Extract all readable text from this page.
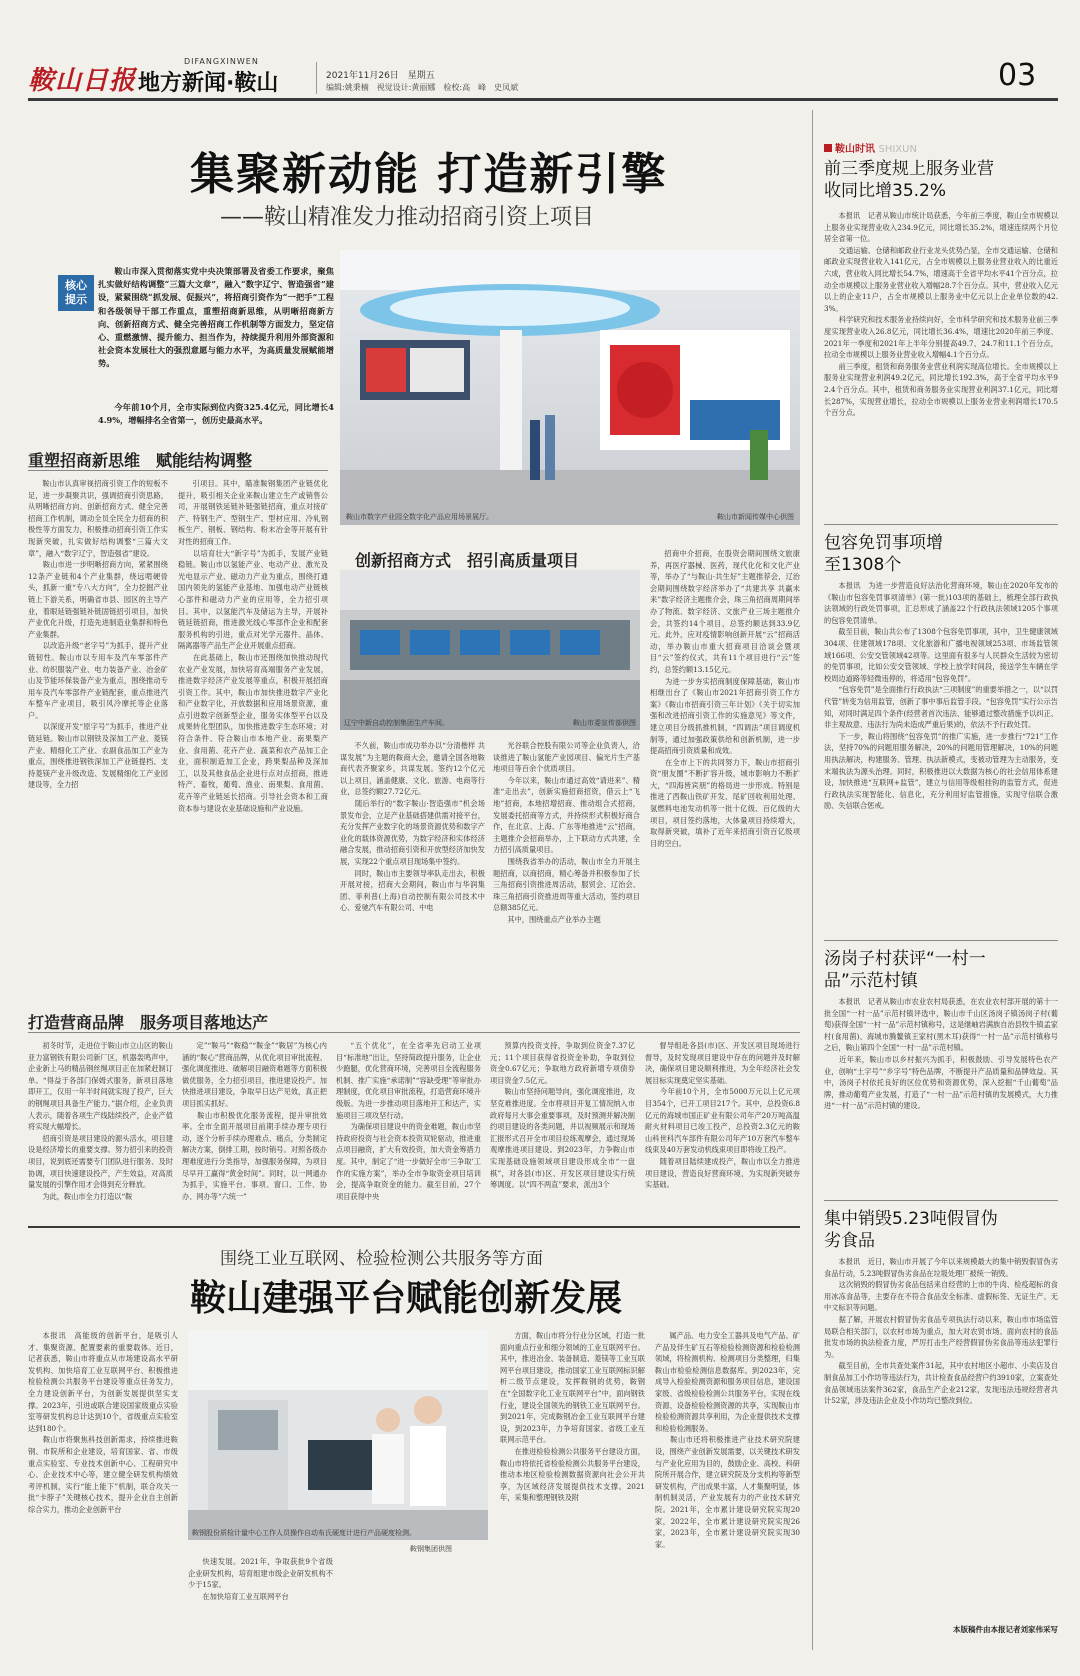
鞍山日报
DIFANGXINWEN
地方新闻·鞍山	2021年11月26日　星期五
编辑:姚秉楠　视觉设计:黄丽娜　检校:高　峰　史凤斌	03
集聚新动能 打造新引擎
——鞍山精准发力推动招商引资上项目
核心提示
鞍山市深入贯彻落实党中央决策部署及省委工作要求，聚焦扎实做好结构调整“三篇大文章”，融入“数字辽宁、智造强省”建设，紧紧围绕“抓发展、促振兴”，将招商引资作为“一把手”工程和各级领导干部工作重点，重塑招商新思维，从明晰招商新方向、创新招商方式、健全完善招商工作机制等方面发力，坚定信心、重燃激情、提升能力、担当作为，持续提升利用外部资源和社会资本发展壮大的强烈意愿与能力水平，为高质量发展赋能增势。
今年前10个月，全市实际到位内资325.4亿元，同比增长44.9%，增幅排名全省第一，创历史最高水平。
鞍山市数字产业园全数字化产品应用场景展厅。	鞍山市新闻传媒中心供图
重塑招商新思维　赋能结构调整
鞍山市认真审视招商引资工作的短板不足，进一步凝聚共识，强调招商引资思路，从明晰招商方向、创新招商方式、健全完善招商工作机制，调动全员全民全力招商的积极性等方面发力，积极推动招商引资工作实现新突破，扎实做好结构调整“三篇大文章”，融入“数字辽宁，智造强省”建设。
　　鞍山市进一步明晰招商方向，紧紧围绕12条产业链和4个产业集群，绕远啃硬骨头，抓新一重“专八大方向”，全力挖掘产业链上下游关系，明确省市县、园区的主导产业，着眼延链强链补链固链招引项目，加快产业优化升级，打造先进制造业集群和特色产业集群。
　　以改造升级“老字号”为抓手，提升产业链韧性。鞍山市以专用车及汽车零部件产业、纺织服装产业、电力装备产业、冶金矿山及节能环保装备产业为重点，围绕推动专用车及汽车零部件产业链配套，重点推进汽车整车产业项目，吸引风冷摩托等企业落户。
　　以深度开发“原字号”为抓手，推进产业链延链。鞍山市以钢铁及深加工产业、菱镁产业、精细化工产业、农副食品加工产业为重点，围绕推进钢铁深加工产业链提档、支持菱镁产业升级改造、发展精细化工产业园建设等，全力招
引项目。其中，瞄准鞍钢集团产业链优化提升，吸引相关企业来鞍山建立生产或销售公司，开展钢铁延链补链强链招商，重点对接矿产、特钢生产、型钢生产、型材应用、冷轧钢板生产、钢板、钢结构、粉末冶金等开展有针对性的招商工作。
　　以培育壮大“新字号”为抓手，发展产业链稳链。鞍山市以氢能产业、电动产业、激光及光电显示产业、磁动力产业为重点，围绕打通国内领先的氢能产业基地、加强电动产业链核心部件和磁动力产业的应用等，全力招引项目。其中，以氢能汽车及储运为主导，开展补链延链招商，推进激光线心零部件企业和配套服务机构的引进，重点对光学元器件、晶体、隔离器等产品生产企业开展重点招商。
　　在此基础上，鞍山市还围绕加快推动现代农业产业发展，加快培育高端服务产业发展，推进数字经济产业发展等重点，积极开展招商引资工作。其中，鞍山市加快推进数字产业化和产业数字化，开放数据和应用场景资源，重点引进数字创新型企业，服务实体型平台以及成果转化型团队，加快推进数字生态环境；对符合条件、符合鞍山市本地产业、南果梨产业、食用菌、花卉产业、蔬菜和农产品加工企业，面积制造加工企业，跨果梨品种及深加工，以及其他食品企业进行点对点招商，推进特产、畜牧，葡萄、渔业、南果梨、食用菌、花卉等产业链延长招商。引导社会资本和工商资本参与建设农业基础设施和产业设施。
创新招商方式　招引高质量项目
辽宁中新自动控制集团生产车间。	鞍山市委宣传部供图
不久前，鞍山市成功举办以“分清楷样 共谋发展”为主题的鞍商大会，邀请全国各地鞍商代表齐聚家乡，共谋发展。签约12个亿元以上项目，涵盖健康、文化、旅游、电商等行业，总签约额27.72亿元。
　　随后举行的“数字鞍山·智造强市”机会场景发布会，立足产业基础搭建供需对接平台，充分发挥产业数字化的场景资源优势和数字产业化的载体资源优势，为数字经济和实体经济融合发展，推动招商引资和开放型经济加快发展，实现22个重点项目现场集中签约。
　　同时，鞍山市主要领导率队走出去，积极开展对接，招商大会期间，鞍山市与华润集团、菲利普(上海)自动控制有限公司技术中心、爱驰汽车有限公司、中电
光谷联合控股有限公司等企业负责人，洽谈推进了鞍山氢能产业园项目、偏光片生产基地项目等百余个优质项目。
　　今年以来，鞍山市通过高效“请进来”、精准“走出去”，创新实施招商招资，借云上“飞地”招商，本地招增招商、推动组合式招商，发展委托招商等方式，并持续形式积极好商合作，在北京、上海、广东等地推进“云”招商，主题推介会招商举办，上下联动方式共建，全力招引高质量项目。
　　围绕我省举办的活动，鞍山市全力开展主题招商，以商招商，精心筹备并积极参加了长三角招商引资推进周活动，服贸会、辽治会、珠三角招商引资推进周等重大活动，签约项目总额385亿元。
　　其中，围绕重点产业举办主题
招商中介招商，在股资会期间围绕文旅康养，再医疗器械、医药，现代化化和文化产业等，举办了“与鞍山·共生好”主题推荐会，辽治会期间围绕数字经济举办了“共建共享 共赢未来”数字经济主题推介会，珠三角招商周期间举办了物流、数字经济、文旅产业三场主题推介会，共签约14个项目，总签约额达到33.9亿元。此外，应对疫情影响创新开展“云”招商活动，举办鞍山市重大招商项目洽谈会暨项目“云”签约仪式，共有11个项目进行“云”签约，总签约额13.15亿元。
　　为进一步夯实招商制度保障基础，鞍山市相继出台了《鞍山市2021年招商引资工作方案》《鞍山市招商引资三年计划》《关于切实加强和改进招商引资工作的实施意见》等文件，建立项目分级抓推机制，“四调法”项目调度机制等，通过加强政策供给和创新机制，进一步提高招商引资质量和成效。
　　在全市上下的共同努力下，鞍山市招商引资“朋友圈”不断扩容升级，城市影响力不断扩大，“四海皆宾朋”的格局进一步形成。特别是推进了西鞍山铁矿开发、尾矿回收利用处理、氢燃料电池发动机等一批十亿级、百亿级的大项目，项目签约落地，大体量项目持续增大，取得新突破，填补了近年来招商引资百亿级项目的空白。
打造营商品牌　服务项目落地达产
初冬时节，走进位于鞍山市立山区的鞍山亚力富钢铁有限公司新厂区，机器轰鸣声中，企业新上马的精品钢丝绳项目正在加紧赶制订单。“得益于各部门保姆式服务，新项目落地即开工，仅用一年半时间就实现了投产，巨大的钢绳项目具备生产能力。”据介绍，企业负责人表示，随着各项生产线陆续投产，企业产值将实现大幅增长。
　　招商引资是项目建设的源头活水，项目建设是经济增长的重要支撑。努力招引来的投资项目，说到底还需要专门团队进行服务、及时协调，项目快速建设投产，产生效益，对高质量发展的引擎作用才会得到充分释放。
　　为此，鞍山市全力打造以“鞍
定”“鞍马”“鞍稳”“鞍金”“鞍居”为核心内涵的“鞍心”营商品牌，从优化项目审批流程、强化调度推进、破解项目融资难题等方面积极做优服务，全力招引项目，推进建设投产。加快推进项目建设，争取早日达产见效，真正把项目抓实抓好。
　　鞍山市积极优化服务流程，提升审批效率。全市全面开展项目前期手续办理专项行动，逐个分析手续办理难点、痛点，分类制定解决方案，倒排工期，按时销号。对照各级办理难度进行分类指导，加强服务保障，为项目尽早开工赢得“黄金时间”。同时，以一网通办为抓手，实施平台、事项、窗口、工作、协办、网办等“六统一”
“五个优化”，在全省率先启动工业项目“标准地”出让，坚持简政提升服务，让企业少跑腿，优化营商环境，完善项目全流程服务机制、推广实施“承诺制”“容缺受理”等审批办理制度，优化项目审批流程，打造营商环境升级版。为进一步推动项目落地开工和达产，实施项目三项攻坚行动。
　　为确保项目建设中的资金难题，鞍山市坚持政府投资与社会资本投资双轮驱动，推进重点项目融资，扩大有效投资，加大资金筹措力度。其中，制定了“进一步做好全市‘三争取’工作的实施方案”，举办全市争取资金项目培训会，提高争取资金的能力。截至目前，27个项目获得中央
预算内投资支持，争取到位资金7.37亿元；11个项目获得省投资金补助，争取到位资金0.67亿元；争取地方政府新增专项债券项目资金7.5亿元。
　　鞍山市坚持问题导向，强化调度推进，攻坚克难推进度。全市将项目开复工情况纳入市政府每月大事会重要事项，及时预测并解决制约项目建设的各类问题，并以视频展示和现场汇报形式召开全市项目拉练观摩会，通过现场观摩推进项目建设。到2023年，力争鞍山市实现基础设施领域项目建设形成全市“一盘棋”，对各县(市)区、开发区项目建设实行统筹调度。以“四不两直”要求，派出3个
督导组赴各县(市)区、开发区项目现场进行督导，及时发现项目建设中存在的问题并及时解决，确保项目建设顺利推进，为全年经济社会发展目标实现奠定坚实基础。
　　今年前10个月，全市5000万元以上亿元项目354个，已开工项目217个。其中，总投资6.8亿元的海城市国正矿业有限公司年产20万吨高温耐火材料项目已竣工投产，总投资2.3亿元的鞍山科世科汽车部件有限公司年产10万套汽车整车线束及40万套发动机线束项目即将竣工投产。
　　随着项目陆续建成投产，鞍山市以全力推进项目建设，营造良好营商环境，为实现新突破夯实基础。
围绕工业互联网、检验检测公共服务等方面
鞍山建强平台赋能创新发展
鞍钢股份质检计量中心工作人员操作自动布氏硬度计进行产品硬度检测。
鞍钢集团供图
本报讯　高能级的创新平台，是吸引人才、集聚资源、配置要素的重要载体。近日，记者获悉，鞍山市将重点从市场建设高水平研发机构、加快培育工业互联网平台、积极推进检验检测公共服务平台建设等重点任务发力，全力建设创新平台，为创新发展提供坚实支撑。2023年，引进或联合建设国家级重点实验室等研发机构总计达到10个，省级重点实验室达到180个。
　　鞍山市将聚焦科技创新需求，持续推进鞍钢、市院所和企业建设，培育国家、省、市级重点实验室、专业技术创新中心、工程研究中心、企业技术中心等，建立健全研发机构绩效考评机制，实行“能上能下”机制，联合攻关一批“卡脖子”关键核心技术，提升企业自主创新综合实力，推动企业创新平台
快速发展。2021年，争取获批9个省级企业研发机构，培育组建市级企业研发机构不少于15家。
　　在加快培育工业互联网平台
方面，鞍山市将分行业分区域，打造一批面向重点行业和细分领域的工业互联网平台。其中，推进冶金、装备制造、菱镁等工业互联网平台项目建设，推动国家工业互联网标识解析二级节点建设，发挥鞍钢的优势，鞍钢在“全国数字化工业互联网平台”中，面向钢铁行业，建设全国领先的钢铁工业互联网平台。到2021年，完成鞍钢冶金工业互联网平台建设，到2023年，力争培育国家、省级工业互联网示范平台。
　　在推进检验检测公共服务平台建设方面，鞍山市将依托省检验检测公共服务平台建设，推动本地区检验检测数据资源向社会公开共享，为区域经济发展提供技术支撑。2021年，采集和整理钢铁及附
属产品、电力安全工器具及电气产品、矿产品及伴生矿互石等检验检测资源和检验检测领域，将检测机构、检测项目分类整理，归集鞍山市检验检测信息数据库。到2023年，完成导入检验检测资源和服务项目信息，建设国家级、省级检验检测公共服务平台，实现在线资源、设备检验检测资源的共享，实现鞍山市检验检测资源共享利用，为企业提供技术支撑和检验检测服务。
　　鞍山市还将积极推进产业技术研究院建设，围绕产业创新发展需要，以关键技术研发与产业化应用为目的，鼓励企业、高校、科研院所开展合作，建立研究院及分支机构等新型研发机构，产出成果丰富，人才集聚明显，体制机制灵活，产业发展有力的产业技术研究院。2021年，全市累计建设研究院实现20家，2022年，全市累计建设研究院实现26家，2023年，全市累计建设研究院实现30家。
鞍山时讯 SHIXUN
前三季度规上服务业营收同比增35.2%
本报讯　记者从鞍山市统计局获悉，今年前三季度，鞍山全市规模以上服务业实现营业收入234.9亿元，同比增长35.2%，增速连续两个月位居全省第一位。
　　交通运输、仓储和邮政业行业龙头优势凸显，全市交通运输、仓储和邮政业实现营业收入141亿元，占全市规模以上服务业营业收入的比重近六成，营业收入同比增长54.7%，增速高于全省平均水平41个百分点，拉动全市规模以上服务业营业收入增幅28.7个百分点。其中，营业收入亿元以上的企业11户，占全市规模以上服务业中亿元以上企业单位数的42.3%。
　　科学研究和技术服务业持续向好，全市科学研究和技术服务业前三季度实现营业收入26.8亿元，同比增长36.4%，增速比2020年前三季度、2021年一季度和2021年上半年分别提高49.7、24.7和11.1个百分点，拉动全市规模以上服务业营业收入增幅4.1个百分点。
　　前三季度，租赁和商务服务业营业利润实现高位增长。全市规模以上服务业实现营业利润49.2亿元，同比增长192.3%，高于全省平均水平92.4个百分点。其中，租赁和商务服务业实现营业利润37.1亿元，同比增长287%，实现营业增长，拉动全市规模以上服务业营业利润增长170.5个百分点。
包容免罚事项增至1308个
本报讯　为进一步营造良好法治化营商环境，鞍山在2020年发布的《鞍山市包容免罚事项清单》(第一批)103项的基础上，梳理全部行政执法领域的行政处罚事项，汇总形成了涵盖22个行政执法领域1205个事项的包容免罚清单。
　　截至目前，鞍山共公布了1308个包容免罚事项，其中，卫生健康领域304项、住建领域178项、文化旅游和广播电视领域253项、市场监管领域166项、公安交管领域42项等。这里面有很多与人民群众生活较为密切的免罚事项，比如公安交管领域、学校上放学时间段，接送学生车辆在学校周边道路等轻微违停的，将适用“包容免罚”。
　　“包容免罚”是全面推行行政执法“三项制度”的重要举措之一，以“以罚代管”转变为信用监管，创新了事中事后监管手段。“包容免罚”实行公示告知，对同时满足四个条件(经营者首次违法、能够通过整改措施予以纠正、非主观故意、违法行为尚未造成严重后果)的，依法不予行政处罚。
　　下一步，鞍山将围绕“包容免罚”的推广实施，进一步推行“721”工作法，坚持70%的问题用服务解决，20%的问题用管理解决，10%的问题用执法解决，构建服务、管理、执法新模式，变被动管理为主动服务，变末端执法为源头治理。同时，积极推进以大数据为核心的社会信用体系建设，加快推进“互联网+监管”，建立与信用等级相挂钩的监管方式，促进行政执法实现智能化、信息化，充分利用好监管措施，实现守信联合激励、失信联合惩戒。
汤岗子村获评“一村一品”示范村镇
本报讯　记者从鞍山市农业农村局获悉，在农业农村部开展的第十一批全国“一村一品”示范村镇评选中，鞍山市千山区汤岗子镇汤岗子村(葡萄)获得全国“一村一品”示范村镇称号，这是继岫岩满族自治县牧牛镇孟家村(食用菌)、海城市腾鳌镇王家村(黑木耳)获得“一村一品”示范村镇称号之后，鞍山第四个全国“一村一品”示范村镇。
　　近年来，鞍山市以乡村振兴为抓手，积极鼓励、引导发展特色农产业，创响“土字号”“乡字号”特色品牌，不断提升产品质量和品牌效益。其中，汤岗子村依托良好的区位优势和资源优势，深入挖掘“千山葡萄”品牌，推动葡萄产业发展，打造了“一村一品”示范村镇的发展模式，大力推进“一村一品”示范村镇的建设。
集中销毁5.23吨假冒伪劣食品
本报讯　近日，鞍山市开展了今年以来规模最大的集中销毁假冒伪劣食品行动，5.23吨假冒伪劣食品在垃圾处理厂被统一销毁。
　　这次销毁的假冒伪劣食品包括来自经营的上市的牛肉、检疫超标的食用冰冻食品等，主要存在不符合食品安全标准、虚假标签、无证生产、无中文标识等问题。
　　据了解，开展农村假冒伪劣食品专项执法行动以来，鞍山市市场监管局联合相关部门，以农村市场为重点，加大对农贸市场、面向农村的食品批发市场的执法检查力度，严厉打击生产经营假冒伪劣食品等违法犯罪行为。
　　截至目前，全市共查处案件31起，其中农村地区小超市、小卖店及自制食品加工小作坊等违法行为，共计检查食品经营户约3910家，立案查处食品领域违法案件362家，食品生产企业212家，发现违法违规经营者共计52家，涉及违法企业及小作坊均已整改到位。
本版稿件由本报记者刘家伟采写
